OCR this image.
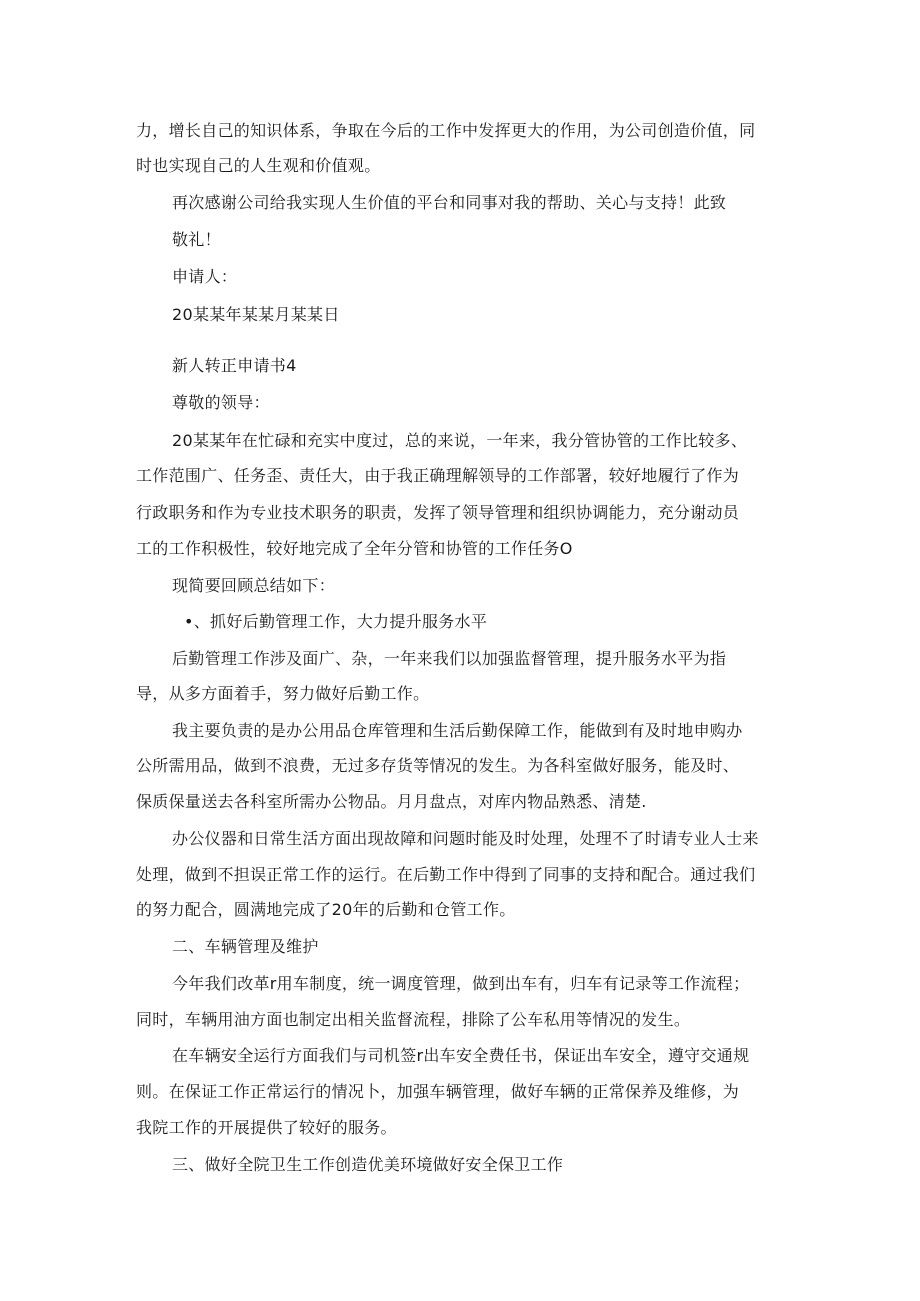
力，增长自己的知识体系，争取在今后的工作中发挥更大的作用，为公司创造价值，同
时也实现自己的人生观和价值观。
再次感谢公司给我实现人生价值的平台和同事对我的帮助、关心与支持！此致
敬礼！
申请人：
20某某年某某月某某日
新人转正申请书4
尊敬的领导：
20某某年在忙碌和充实中度过，总的来说，一年来，我分管协管的工作比较多、
工作范围广、任务歪、责任大，由于我正确理解领导的工作部署，较好地履行了作为
行政职务和作为专业技术职务的职责，发挥了领导管理和组织协调能力，充分谢动员
工的工作积极性，较好地完成了全年分管和协管的工作任务O
现简要回顾总结如下：
•、抓好后勤管理工作，大力提升服务水平
后勤管理工作涉及面广、杂，一年来我们以加强监督管理，提升服务水平为指
导，从多方面着手，努力做好后勤工作。
我主要负责的是办公用品仓库管理和生活后勤保障工作，能做到有及时地申购办
公所需用品，做到不浪费，无过多存货等情况的发生。为各科室做好服务，能及时、
保质保量送去各科室所需办公物品。月月盘点，对库内物品熟悉、清楚.
办公仪器和日常生活方面出现故障和问题时能及时处理，处理不了时请专业人士来
处理，做到不担误正常工作的运行。在后勤工作中得到了同事的支持和配合。通过我们
的努力配合，圆满地完成了20年的后勤和仓管工作。
二、车辆管理及维护
今年我们改革r用车制度，统一调度管理，做到出车有，归车有记录等工作流程；
同时，车辆用油方面也制定出相关监督流程，排除了公车私用等情况的发生。
在车辆安全运行方面我们与司机签r出车安全费任书，保证出车安全，遵守交通规
则。在保证工作正常运行的情况卜，加强车辆管理，做好车辆的正常保养及维修，为
我院工作的开展提供了较好的服务。
三、做好全院卫生工作创造优美环境做好安全保卫工作
